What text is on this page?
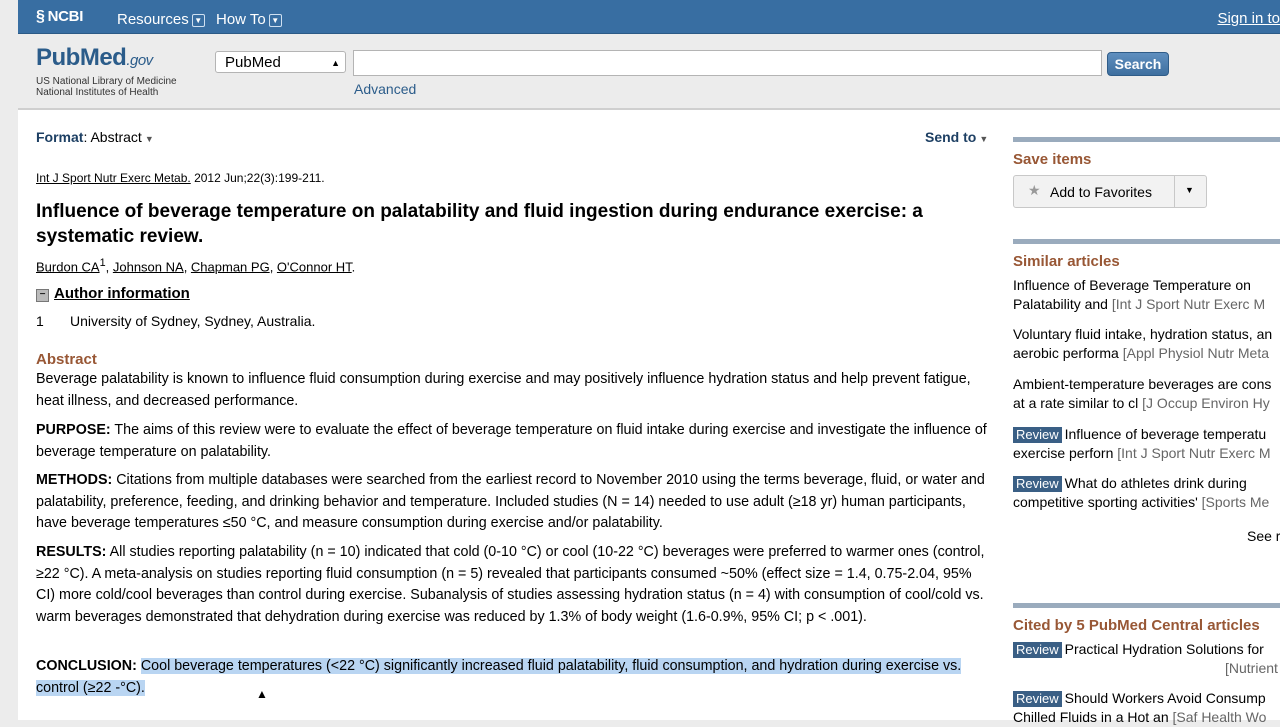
§ NCBI Resources ▼ How To ▼	Sign in to
PubMed.gov
US National Library of Medicine
National Institutes of Health
PubMed	▲	Search
Advanced
Format: Abstract ▼	Send to ▼
Int J Sport Nutr Exerc Metab. 2012 Jun;22(3):199-211.
Influence of beverage temperature on palatability and fluid ingestion during endurance exercise: a systematic review.
Burdon $CA^1$, Johnson NA, Chapman PG, O'Connor HT.
− Author information
1 University of Sydney, Sydney, Australia.
Abstract
Beverage palatability is known to influence fluid consumption during exercise and may positively influence hydration status and help prevent fatigue, heat illness, and decreased performance.
PURPOSE: The aims of this review were to evaluate the effect of beverage temperature on fluid intake during exercise and investigate the influence of beverage temperature on palatability.
METHODS: Citations from multiple databases were searched from the earliest record to November 2010 using the terms beverage, fluid, or water and palatability, preference, feeding, and drinking behavior and temperature. Included studies (N = 14) needed to use adult (≥18 yr) human participants, have beverage temperatures ≤50 °C, and measure consumption during exercise and/or palatability.
RESULTS: All studies reporting palatability (n = 10) indicated that cold (0-10 °C) or cool (10-22 °C) beverages were preferred to warmer ones (control, ≥22 °C). A meta-analysis on studies reporting fluid consumption (n = 5) revealed that participants consumed ~50% (effect size = 1.4, 0.75-2.04, 95% CI) more cold/cool beverages than control during exercise. Subanalysis of studies assessing hydration status (n = 4) with consumption of cool/cold vs. warm beverages demonstrated that dehydration during exercise was reduced by 1.3% of body weight (1.6-0.9%, 95% CI; p < .001).
CONCLUSION: Cool beverage temperatures (<22 °C) significantly increased fluid palatability, fluid consumption, and hydration during exercise vs. control (≥22 -°C).	▲
Save items
★ Add to Favorites	▼
Similar articles
Influence of Beverage Temperature on
Palatability and [Int J Sport Nutr Exerc M
Voluntary fluid intake, hydration status, an
aerobic performa [Appl Physiol Nutr Meta
Ambient-temperature beverages are cons
at a rate similar to cl [J Occup Environ Hy
Review Influence of beverage temperatu
exercise perforn [Int J Sport Nutr Exerc M
Review What do athletes drink during
competitive sporting activities' [Sports Me
See r
Cited by 5 PubMed Central articles
Review Practical Hydration Solutions for
[Nutrient
Review Should Workers Avoid Consump
Chilled Fluids in a Hot an [Saf Health Wo
